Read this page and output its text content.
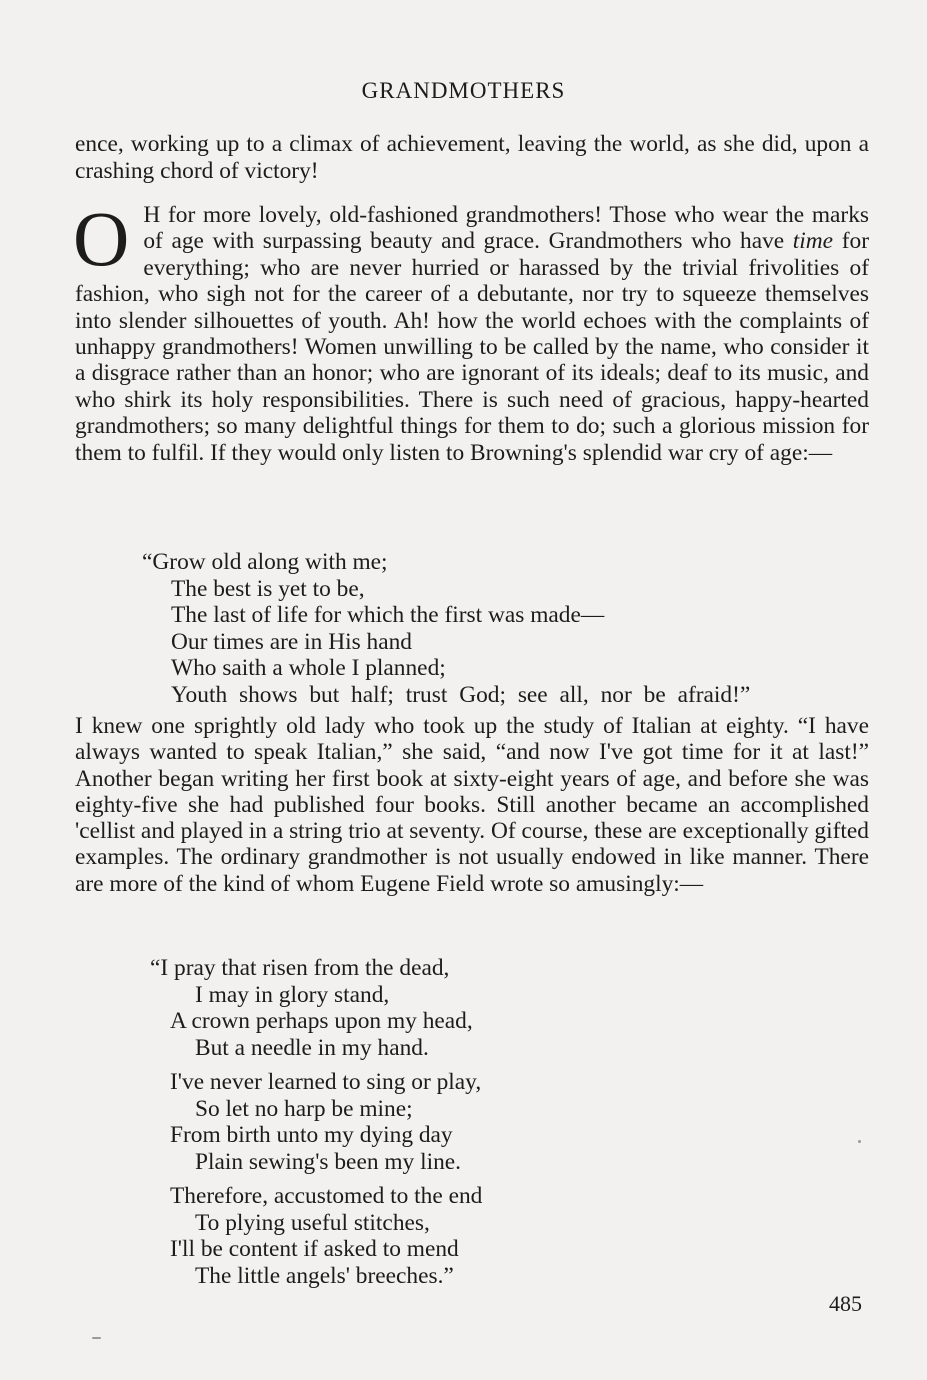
GRANDMOTHERS
ence, working up to a climax of achievement, leaving the world, as she did, upon a crashing chord of victory!
O H for more lovely, old-fashioned grandmothers! Those who wear the marks of age with surpassing beauty and grace. Grandmothers who have time for everything; who are never hurried or harassed by the trivial frivolities of fashion, who sigh not for the career of a debutante, nor try to squeeze themselves into slender silhouettes of youth. Ah! how the world echoes with the complaints of unhappy grandmothers! Women unwilling to be called by the name, who consider it a disgrace rather than an honor; who are ignorant of its ideals; deaf to its music, and who shirk its holy responsibilities. There is such need of gracious, happy-hearted grandmothers; so many delightful things for them to do; such a glorious mission for them to fulfil. If they would only listen to Browning's splendid war cry of age:—
“Grow old along with me;
The best is yet to be,
The last of life for which the first was made—
Our times are in His hand
Who saith a whole I planned;
Youth shows but half; trust God; see all, nor be afraid!”
I knew one sprightly old lady who took up the study of Italian at eighty. “I have always wanted to speak Italian,” she said, “and now I've got time for it at last!” Another began writing her first book at sixty-eight years of age, and before she was eighty-five she had published four books. Still another became an accomplished 'cellist and played in a string trio at seventy. Of course, these are exceptionally gifted examples. The ordinary grandmother is not usually endowed in like manner. There are more of the kind of whom Eugene Field wrote so amusingly:—
“I pray that risen from the dead,
I may in glory stand,
A crown perhaps upon my head,
But a needle in my hand.
I've never learned to sing or play,
So let no harp be mine;
From birth unto my dying day
Plain sewing's been my line.
Therefore, accustomed to the end
To plying useful stitches,
I'll be content if asked to mend
The little angels' breeches.”
485
